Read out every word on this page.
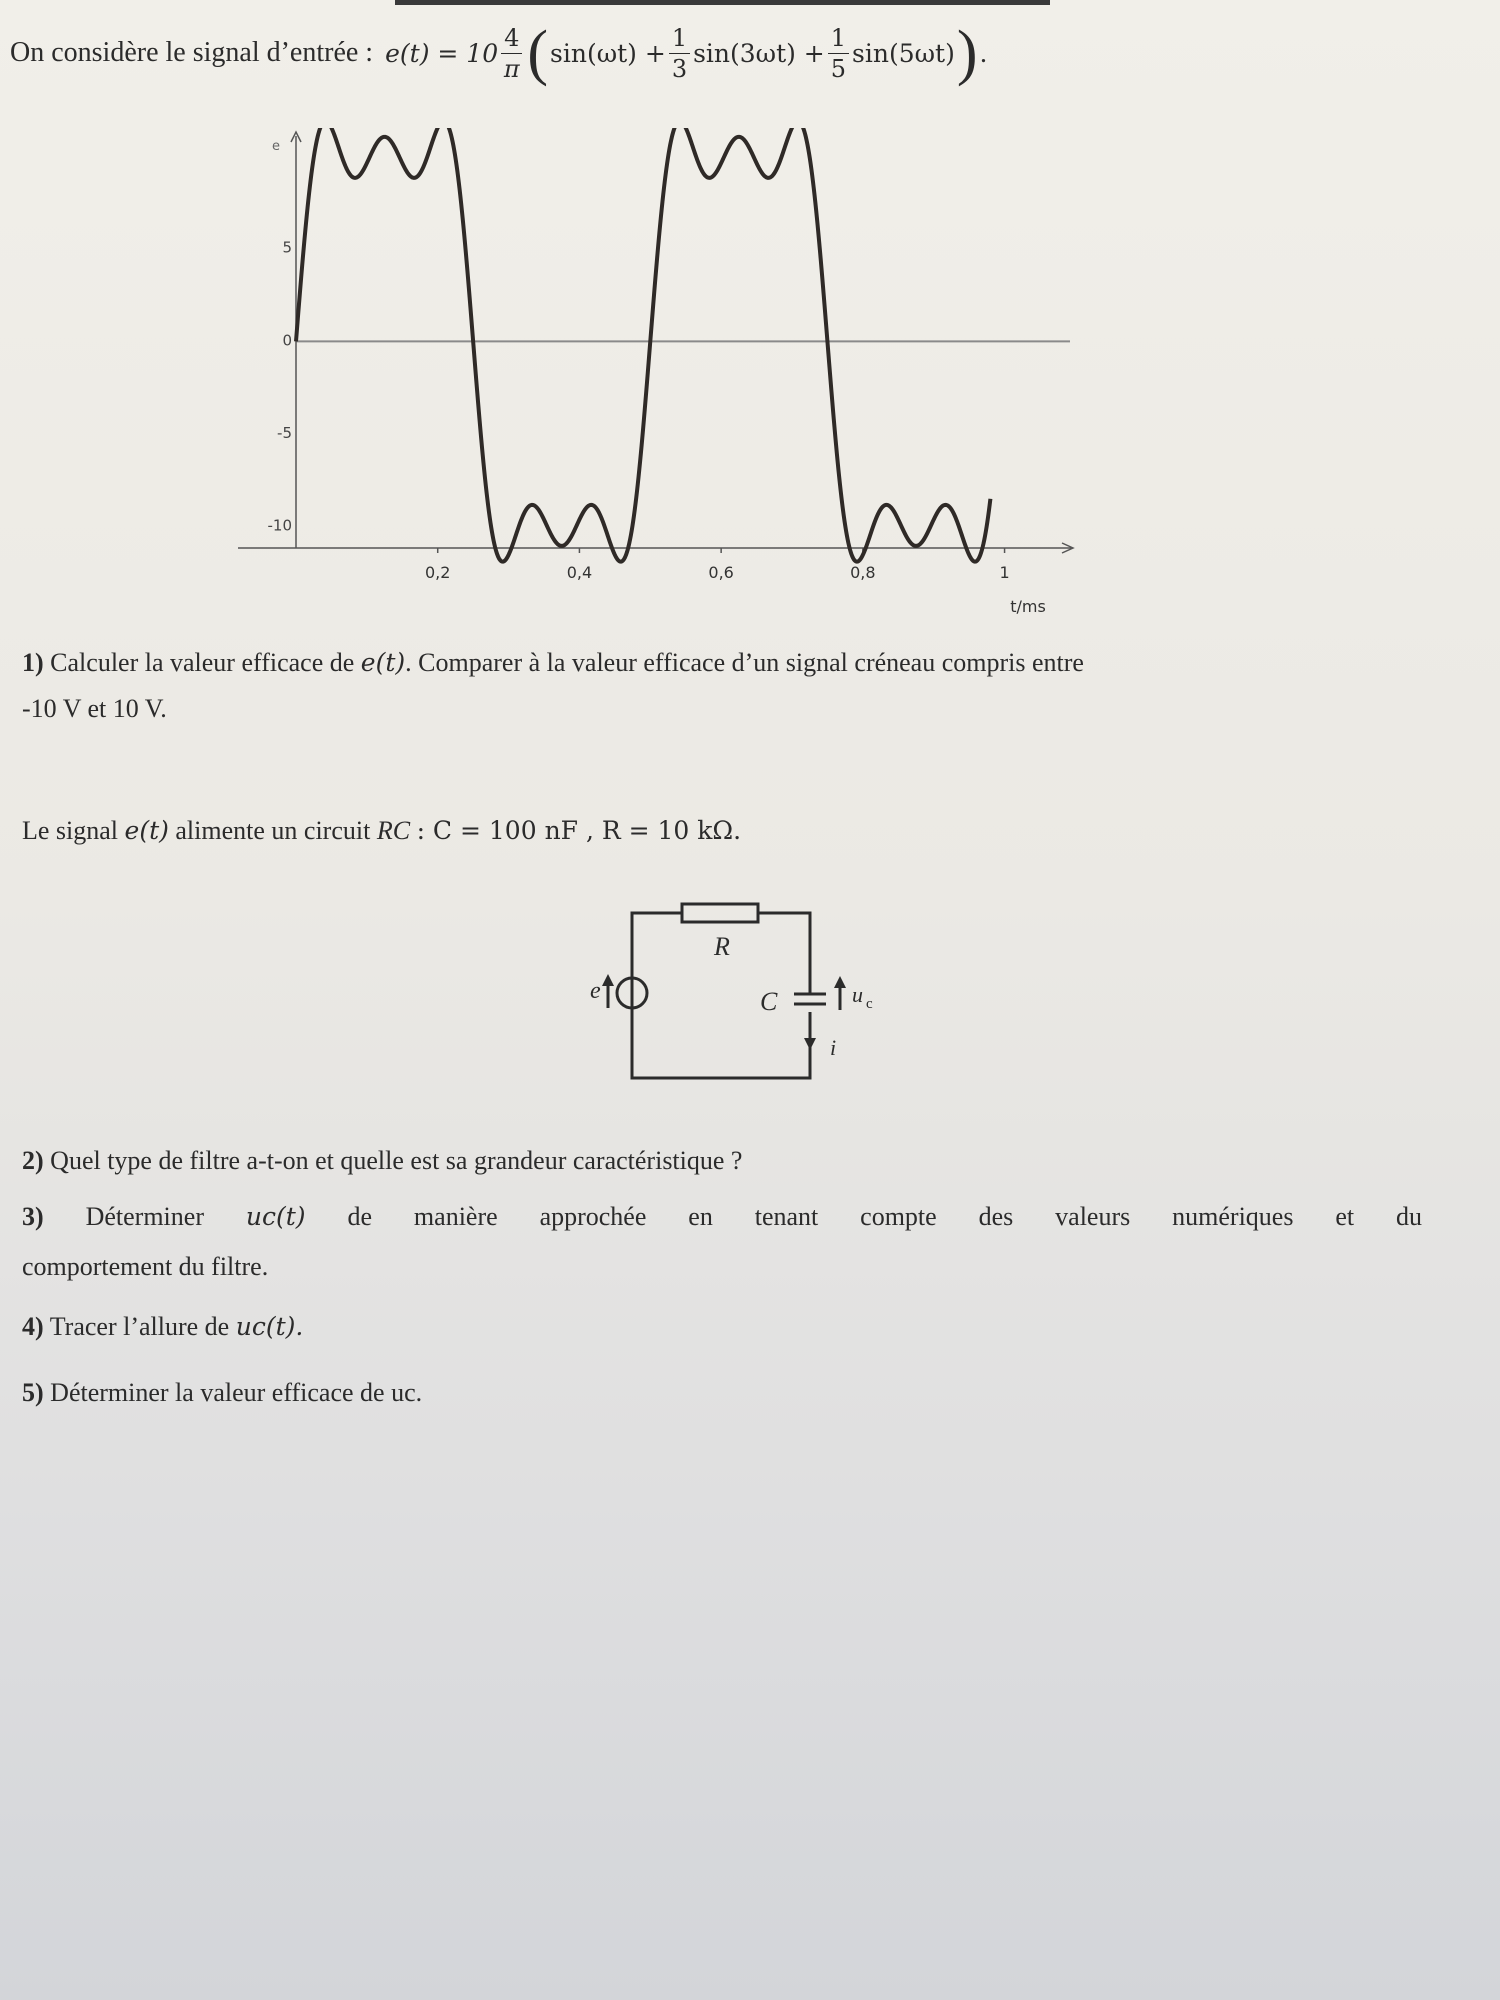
On considère le signal d’entrée : $e(t) = 10 \frac{4}{\pi}$ ( $\sin(\omega t) + \frac{1}{3} \sin(3\omega t) + \frac{1}{5} \sin(5\omega t)$ ) .
e
t/ms
5
0
-5
-10
0,2	0,4	0,6	0,8	1
1) Calculer la valeur efficace de e(t). Comparer à la valeur efficace d’un signal créneau compris entre
-10 V et 10 V.
Le signal e(t) alimente un circuit RC : C = 100 nF , R = 10 kΩ.
R
C
e	u c
i
2) Quel type de filtre a-t-on et quelle est sa grandeur caractéristique ?
3) Déterminer uc(t) de manière approchée en tenant compte des valeurs numériques et du
comportement du filtre.
4) Tracer l’allure de uc(t).
5) Déterminer la valeur efficace de uc.
